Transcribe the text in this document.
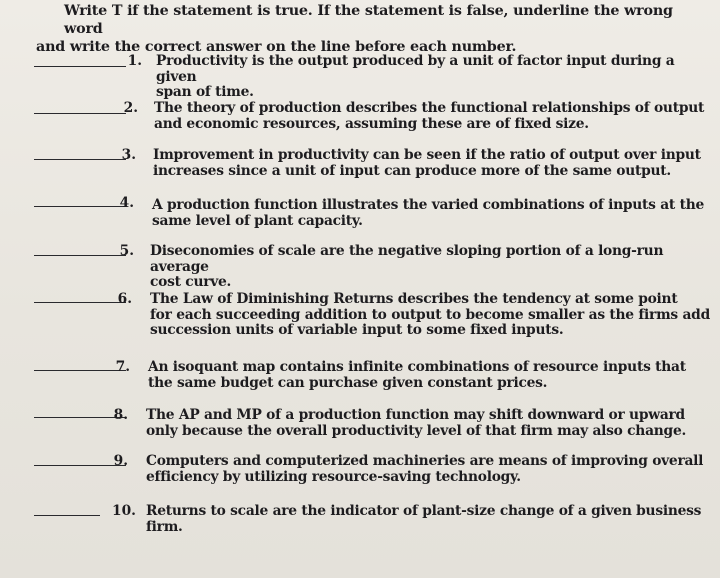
Write T if the statement is true. If the statement is false, underline the wrong word
and write the correct answer on the line before each number.
1. Productivity is the output produced by a unit of factor input during a given
span of time.
2. The theory of production describes the functional relationships of output
and economic resources, assuming these are of fixed size.
3. Improvement in productivity can be seen if the ratio of output over input
increases since a unit of input can produce more of the same output.
4. A production function illustrates the varied combinations of inputs at the
same level of plant capacity.
5. Diseconomies of scale are the negative sloping portion of a long-run average
cost curve.
6. The Law of Diminishing Returns describes the tendency at some point
for each succeeding addition to output to become smaller as the firms add
succession units of variable input to some fixed inputs.
7. An isoquant map contains infinite combinations of resource inputs that
the same budget can purchase given constant prices.
8. The AP and MP of a production function may shift downward or upward
only because the overall productivity level of that firm may also change.
9. Computers and computerized machineries are means of improving overall
efficiency by utilizing resource-saving technology.
10. Returns to scale are the indicator of plant-size change of a given business
firm.
